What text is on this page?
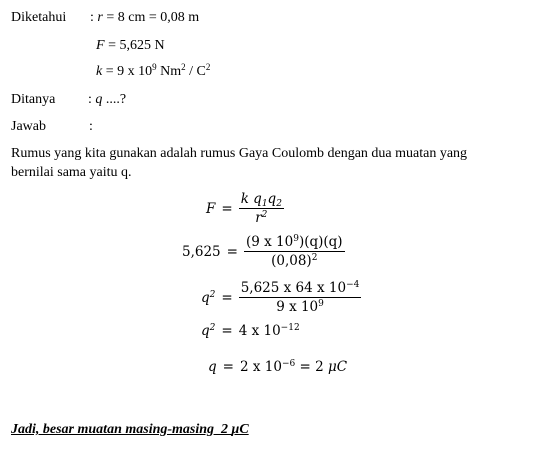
Diketahui : r = 8 cm = 0,08 m
F = 5,625 N
k = 9 x $10^9$ $Nm^2 / C^2$
Ditanya : q ....?
Jawab	:
Rumus yang kita gunakan adalah rumus Gaya Coulomb dengan dua muatan yang
bernilai sama yaitu q.
$F = \frac{k q_1q_2}{r^2}$
$5,625 = \frac{(9 x 10^9)(q)(q)}{(0,08)^2}$
$q^2 = \frac{5,625 x 64 x 10^{-4}}{9 x 10^9}$
$q^2 = 4$ x $10^{-12}$
q = 2 x $10^{-6} = 2$ μC
Jadi, besar muatan masing-masing  2 μC
